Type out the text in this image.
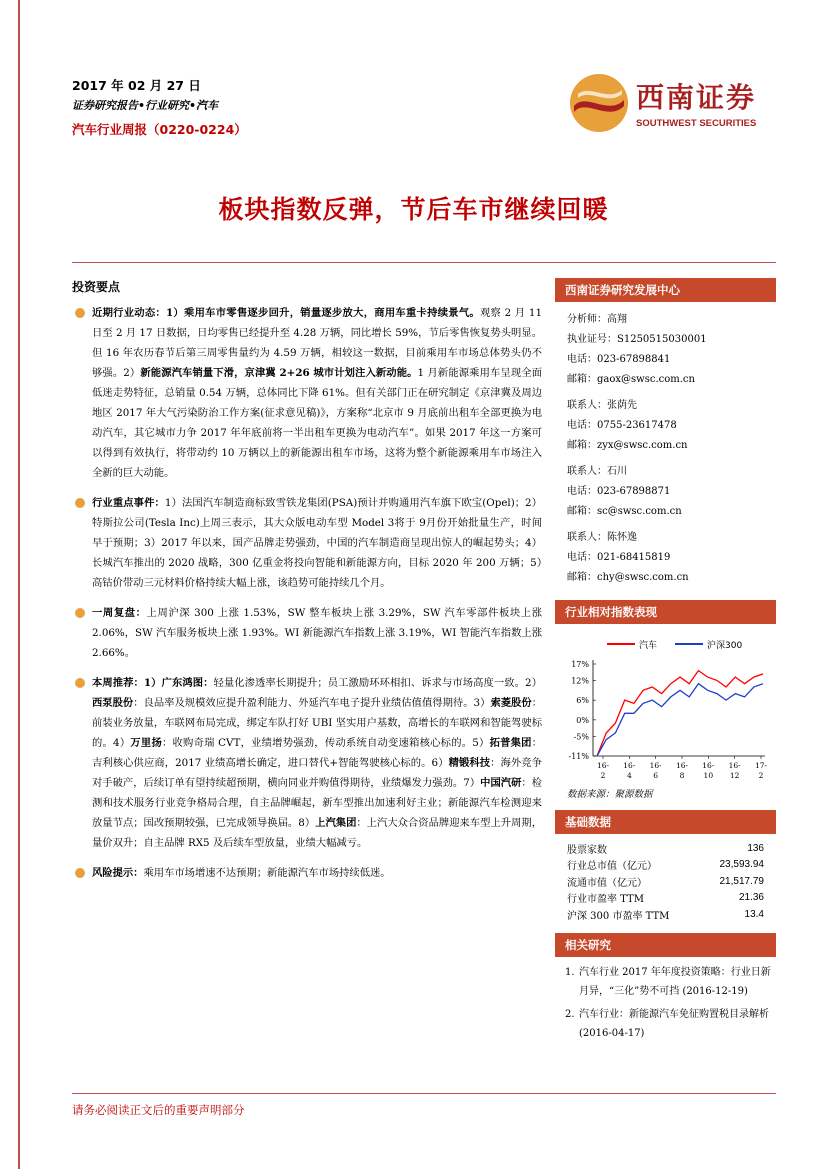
2017 年 02 月 27 日
证券研究报告•行业研究•汽车
汽车行业周报（0220-0224）
西南证券
SOUTHWEST SECURITIES
板块指数反弹，节后车市继续回暖
投资要点
近期行业动态：1）乘用车市零售逐步回升，销量逐步放大，商用车重卡持续景气。观察 2 月 11 日至 2 月 17 日数据，日均零售已经提升至 4.28 万辆，同比增长 59%，节后零售恢复势头明显。但 16 年农历春节后第三周零售量约为 4.59 万辆，相较这一数据，目前乘用车市场总体势头仍不够强。2）新能源汽车销量下滑，京津冀 2+26 城市计划注入新动能。1 月新能源乘用车呈现全面低迷走势特征，总销量 0.54 万辆，总体同比下降 61%。但有关部门正在研究制定《京津冀及周边地区 2017 年大气污染防治工作方案(征求意见稿)》，方案称“北京市 9 月底前出租车全部更换为电动汽车，其它城市力争 2017 年年底前将一半出租车更换为电动汽车”。如果 2017 年这一方案可以得到有效执行，将带动约 10 万辆以上的新能源出租车市场，这将为整个新能源乘用车市场注入全新的巨大动能。
行业重点事件：1）法国汽车制造商标致雪铁龙集团(PSA)预计并购通用汽车旗下欧宝(Opel)；2）特斯拉公司(Tesla Inc)上周三表示，其大众版电动车型 Model 3将于 9月份开始批量生产，时间早于预期；3）2017 年以来，国产品牌走势强劲，中国的汽车制造商呈现出惊人的崛起势头；4）长城汽车推出的 2020 战略，300 亿重金将投向智能和新能源方向，目标 2020 年 200 万辆；5）高钴价带动三元材料价格持续大幅上涨，该趋势可能持续几个月。
一周复盘：上周沪深 300 上涨 1.53%，SW 整车板块上涨 3.29%，SW 汽车零部件板块上涨 2.06%，SW 汽车服务板块上涨 1.93%。WI 新能源汽车指数上涨 3.19%，WI 智能汽车指数上涨 2.66%。
本周推荐：1）广东鸿图：轻量化渗透率长期提升；员工激励环环相扣、诉求与市场高度一致。2）西泵股份：良品率及规模效应提升盈利能力、外延汽车电子提升业绩估值值得期待。3）索菱股份：前装业务放量，车联网布局完成，绑定车队打好 UBI 坚实用户基数，高增长的车联网和智能驾驶标的。4）万里扬：收购奇瑞 CVT，业绩增势强劲，传动系统自动变速箱核心标的。5）拓普集团：吉利核心供应商，2017 业绩高增长确定，进口替代+智能驾驶核心标的。6）精锻科技：海外竞争对手破产，后续订单有望持续超预期，横向同业并购值得期待，业绩爆发力强劲。7）中国汽研：检测和技术服务行业竞争格局合理，自主品牌崛起，新车型推出加速利好主业；新能源汽车检测迎来放量节点；国改预期较强，已完成领导换届。8）上汽集团：上汽大众合资品牌迎来车型上升周期，量价双升；自主品牌 RX5 及后续车型放量，业绩大幅减亏。
风险提示：乘用车市场增速不达预期；新能源汽车市场持续低迷。
西南证券研究发展中心
分析师：高翔
执业证号：S1250515030001
电话：023-67898841
邮箱：gaox@swsc.com.cn
联系人：张荫先
电话：0755-23617478
邮箱：zyx@swsc.com.cn
联系人：石川
电话：023-67898871
邮箱：sc@swsc.com.cn
联系人：陈怀逸
电话：021-68415819
邮箱：chy@swsc.com.cn
行业相对指数表现
汽车	沪深300
17%
12%
6%
0%
-5%
-11%
16-
2
16-
4
16-
6
16-
8
16-
10
16-
12
17-
2
数据来源：聚源数据
基础数据
股票家数	136
行业总市值（亿元）	23,593.94
流通市值（亿元）	21,517.79
行业市盈率 TTM	21.36
沪深 300 市盈率 TTM	13.4
相关研究
1. 汽车行业 2017 年年度投资策略：行业日新月异，“三化”势不可挡 (2016-12-19)
2. 汽车行业：新能源汽车免征购置税目录解析 (2016-04-17)
请务必阅读正文后的重要声明部分
